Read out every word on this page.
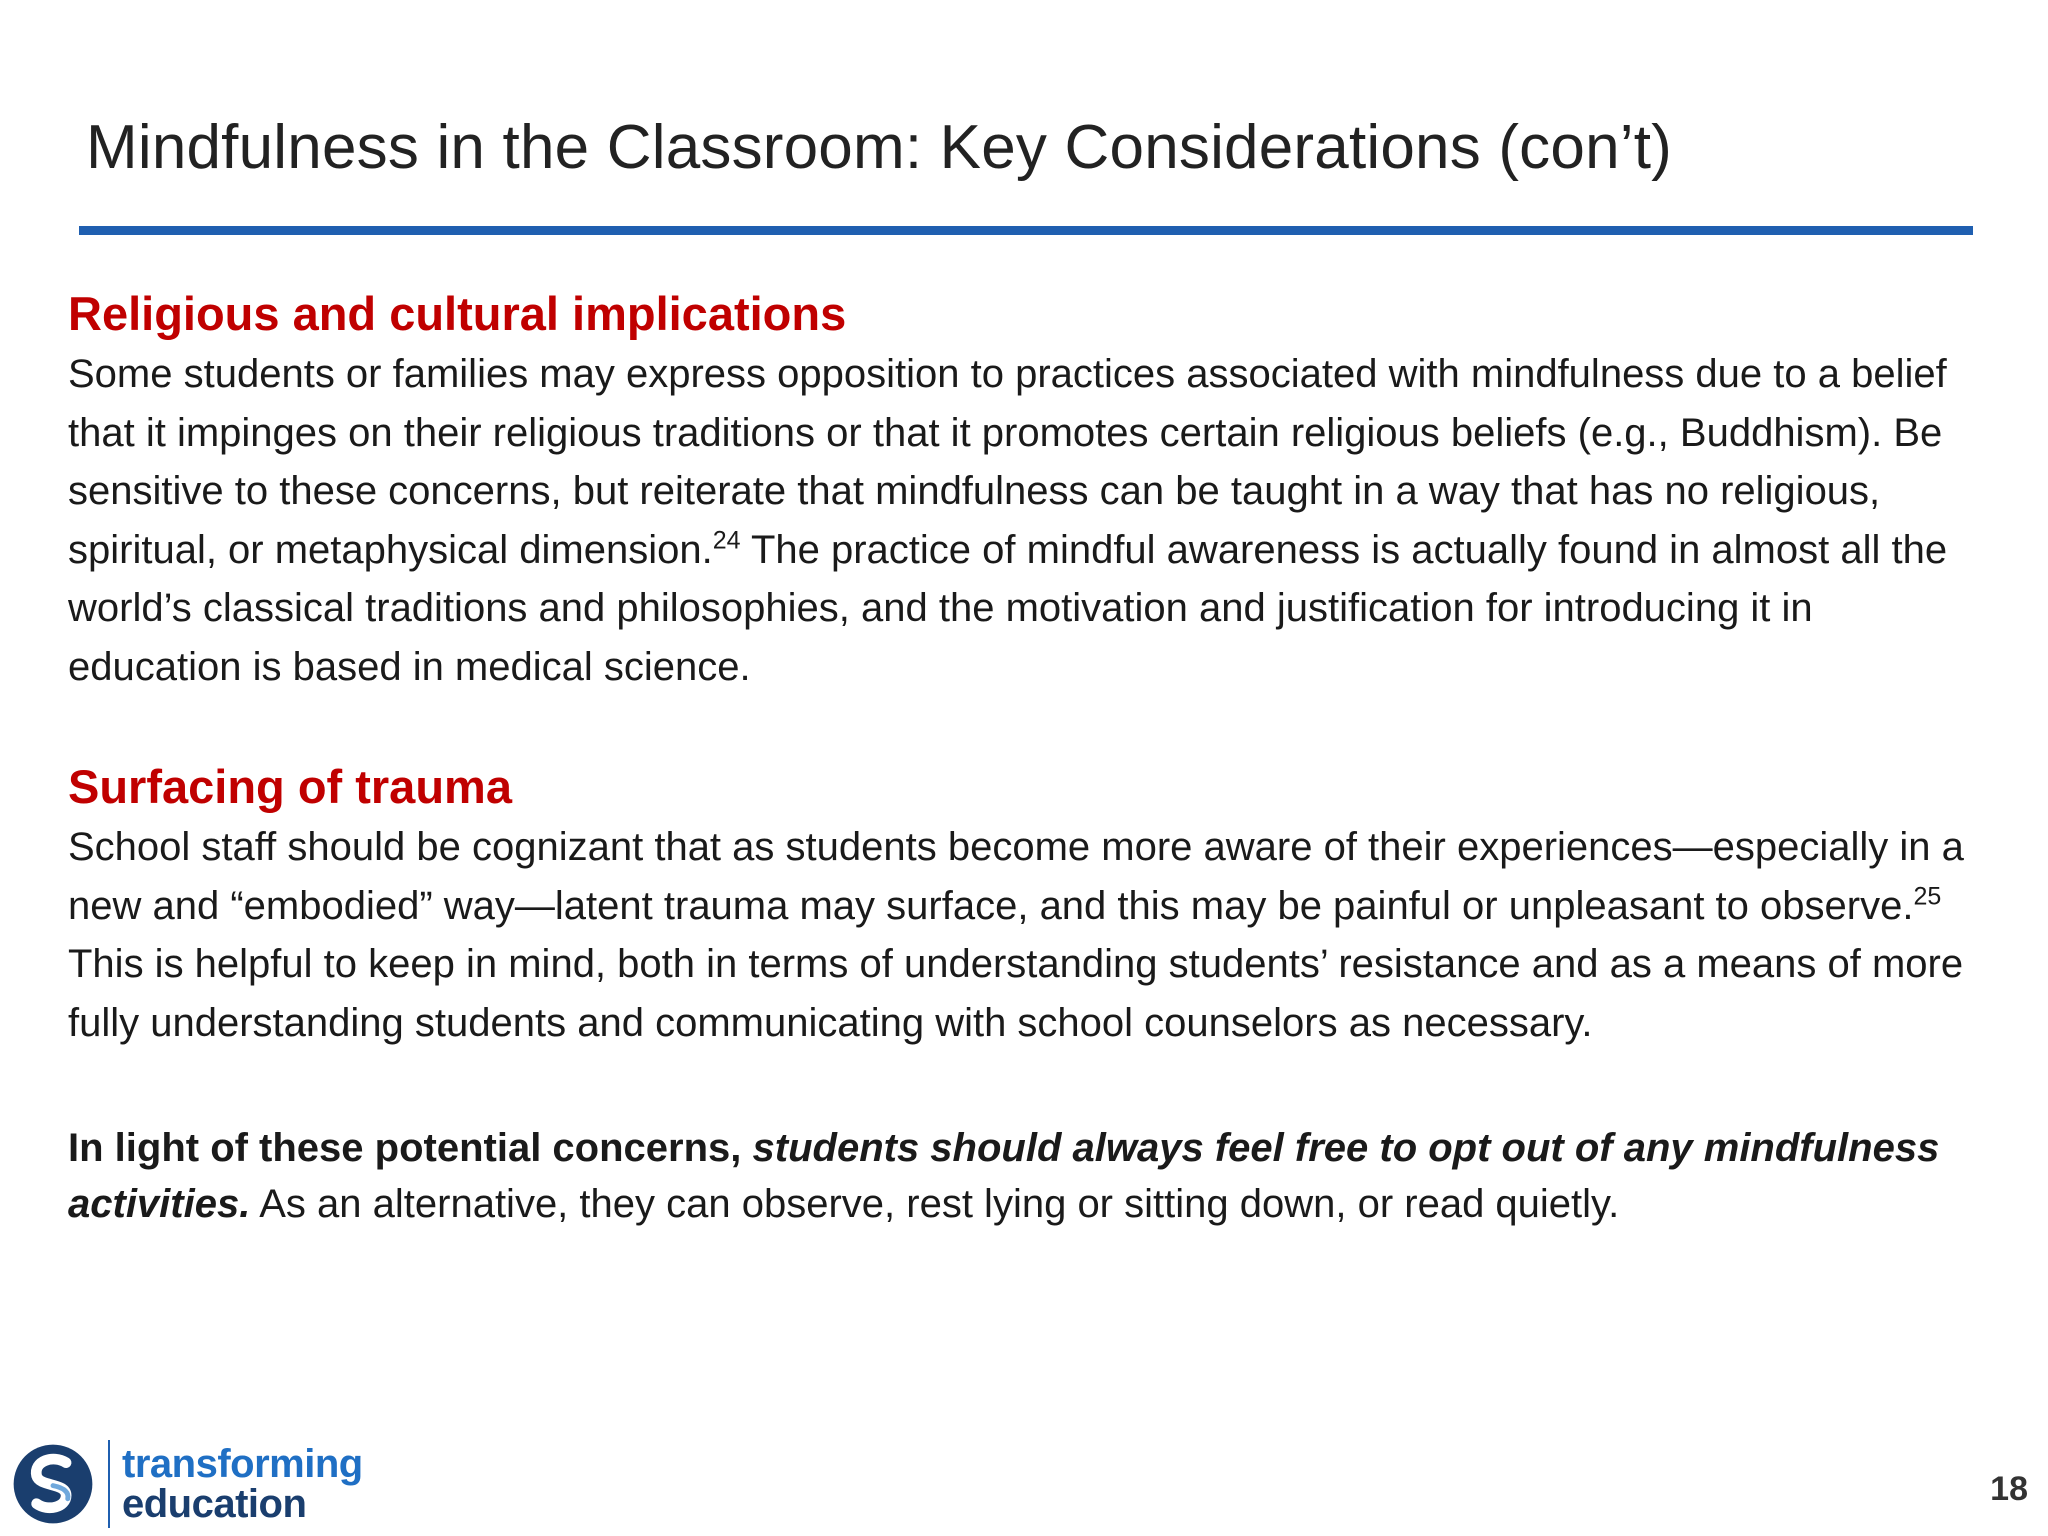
Mindfulness in the Classroom: Key Considerations (con’t)
Religious and cultural implications

Some students or families may express opposition to practices associated with mindfulness due to a belief that it impinges on their religious traditions or that it promotes certain religious beliefs (e.g., Buddhism). Be sensitive to these concerns, but reiterate that mindfulness can be taught in a way that has no religious, spiritual, or metaphysical dimension.$^{24}$ The practice of mindful awareness is actually found in almost all the world’s classical traditions and philosophies, and the motivation and justification for introducing it in education is based in medical science.

Surfacing of trauma

School staff should be cognizant that as students become more aware of their experiences—especially in a new and “embodied” way—latent trauma may surface, and this may be painful or unpleasant to observe.$^{25}$ This is helpful to keep in mind, both in terms of understanding students’ resistance and as a means of more fully understanding students and communicating with school counselors as necessary.

In light of these potential concerns, students should always feel free to opt out of any mindfulness activities. As an alternative, they can observe, rest lying or sitting down, or read quietly.

transforming
education	18
